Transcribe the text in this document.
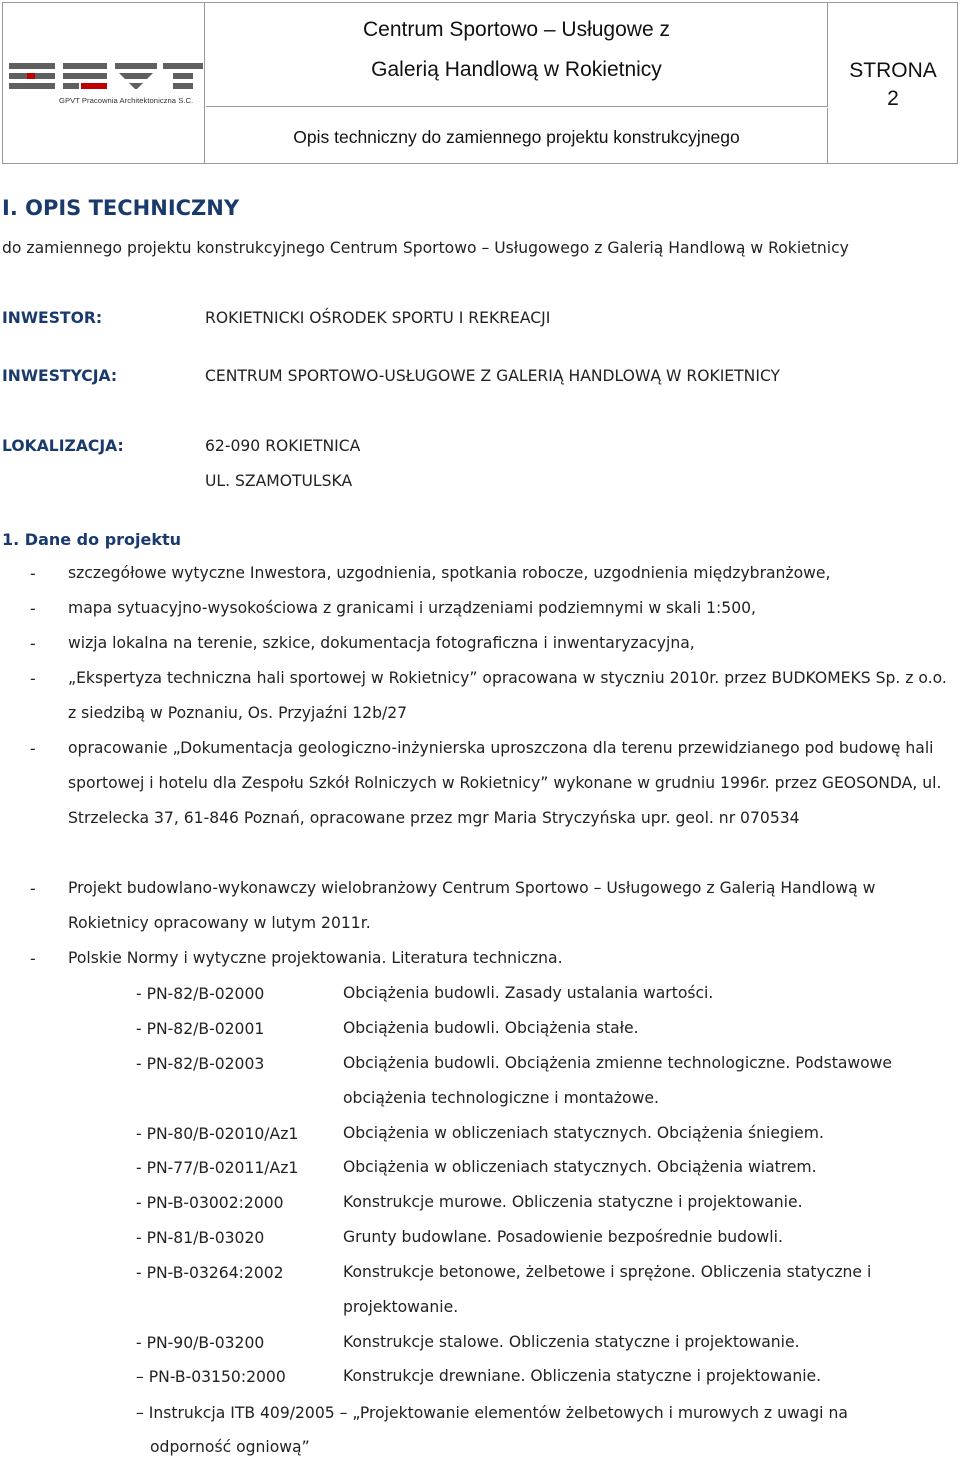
GPVT Pracownia Architektoniczna S.C.
Centrum Sportowo – Usługowe z
Galerią Handlową w Rokietnicy
Opis techniczny do zamiennego projektu konstrukcyjnego
STRONA
2
I. OPIS TECHNICZNY
do zamiennego projektu konstrukcyjnego Centrum Sportowo – Usługowego z Galerią Handlową w Rokietnicy
INWESTOR:	ROKIETNICKI OŚRODEK SPORTU I REKREACJI
INWESTYCJA:	CENTRUM SPORTOWO-USŁUGOWE Z GALERIĄ HANDLOWĄ W ROKIETNICY
LOKALIZACJA:	62-090 ROKIETNICA
UL. SZAMOTULSKA
1. Dane do projektu
- szczegółowe wytyczne Inwestora, uzgodnienia, spotkania robocze, uzgodnienia międzybranżowe,
- mapa sytuacyjno-wysokościowa z granicami i urządzeniami podziemnymi w skali 1:500,
- wizja lokalna na terenie, szkice, dokumentacja fotograficzna i inwentaryzacyjna,
- „Ekspertyza techniczna hali sportowej w Rokietnicy” opracowana w styczniu 2010r. przez BUDKOMEKS Sp. z o.o. z siedzibą w Poznaniu, Os. Przyjaźni 12b/27
- opracowanie „Dokumentacja geologiczno-inżynierska uproszczona dla terenu przewidzianego pod budowę hali sportowej i hotelu dla Zespołu Szkół Rolniczych w Rokietnicy” wykonane w grudniu 1996r. przez GEOSONDA, ul. Strzelecka 37, 61-846 Poznań, opracowane przez mgr Maria Stryczyńska upr. geol. nr 070534
- Projekt budowlano-wykonawczy wielobranżowy Centrum Sportowo – Usługowego z Galerią Handlową w Rokietnicy opracowany w lutym 2011r.
- Polskie Normy i wytyczne projektowania. Literatura techniczna.
- PN-82/B-02000	Obciążenia budowli. Zasady ustalania wartości.
- PN-82/B-02001	Obciążenia budowli. Obciążenia stałe.
- PN-82/B-02003	Obciążenia budowli. Obciążenia zmienne technologiczne. Podstawowe obciążenia technologiczne i montażowe.
- PN-80/B-02010/Az1	Obciążenia w obliczeniach statycznych. Obciążenia śniegiem.
- PN-77/B-02011/Az1	Obciążenia w obliczeniach statycznych. Obciążenia wiatrem.
- PN-B-03002:2000	Konstrukcje murowe. Obliczenia statyczne i projektowanie.
- PN-81/B-03020	Grunty budowlane. Posadowienie bezpośrednie budowli.
- PN-B-03264:2002	Konstrukcje betonowe, żelbetowe i sprężone. Obliczenia statyczne i projektowanie.
- PN-90/B-03200	Konstrukcje stalowe. Obliczenia statyczne i projektowanie.
– PN-B-03150:2000	Konstrukcje drewniane. Obliczenia statyczne i projektowanie.
– Instrukcja ITB 409/2005 – „Projektowanie elementów żelbetowych i murowych z uwagi na
odporność ogniową”
